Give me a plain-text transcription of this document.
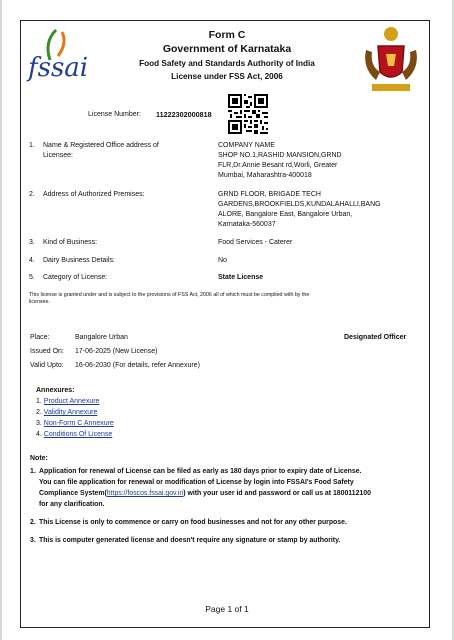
fssai
Form C
Government of Karnataka
Food Safety and Standards Authority of India
License under FSS Act, 2006
License Number: 11222302000818
1. Name & Registered Office address of
Licensee:
COMPANY NAME
SHOP NO.1,RASHID MANSION,GRND
FLR,Dr.Annie Besant rd,Worli, Greater
Mumbai, Maharashtra-400018
2. Address of Authorized Premises:	GRND FLOOR, BRIGADE TECH
GARDENS,BROOKFIELDS,KUNDALAHALLI,BANG
ALORE, Bangalore East, Bangalore Urban,
Karnataka-560037
3. Kind of Business:	Food Services - Caterer
4. Dairy Business Details:	No
5. Category of License:	State License
This license is granted under and is subject to the provisions of FSS Act, 2006 all of which must be complied with by the
licensee.
Place:	Bangalore Urban	Designated Officer
Issued On: 17-06-2025 (New License)
Valid Upto: 16-06-2030 (For details, refer Annexure)
Annexures:
1. Product Annexure
2. Validity Annexure
3. Non-Form C Annexure
4. Conditions Of License
Note:
1. Application for renewal of License can be filed as early as 180 days prior to expiry date of License.
You can file application for renewal or modification of License by login into FSSAI's Food Safety
Compliance System(https://foscos.fssai.gov.in) with your user id and password or call us at 1800112100
for any clarification.
2. This License is only to commence or carry on food businesses and not for any other purpose.
3. This is computer generated license and doesn't require any signature or stamp by authority.
Page 1 of 1
